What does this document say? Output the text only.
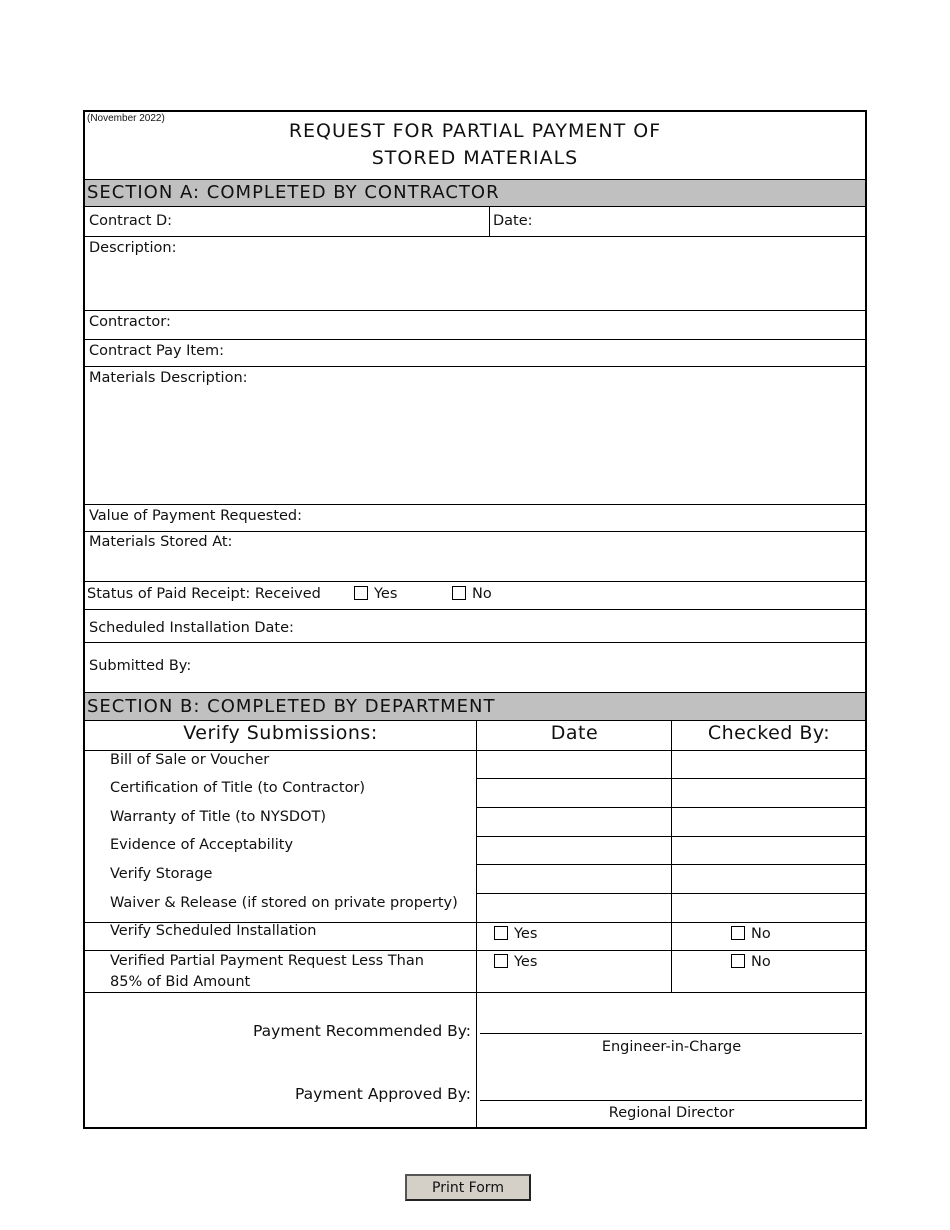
(November 2022)
REQUEST FOR PARTIAL PAYMENT OF
STORED MATERIALS
SECTION A: COMPLETED BY CONTRACTOR
Contract D:	Date:
Description:
Contractor:
Contract Pay Item:
Materials Description:
Value of Payment Requested:
Materials Stored At:
Status of Paid Receipt: Received	Yes	No
Scheduled Installation Date:
Submitted By:
SECTION B: COMPLETED BY DEPARTMENT
Verify Submissions:	Date	Checked By:
Bill of Sale or Voucher
Certification of Title (to Contractor)
Warranty of Title (to NYSDOT)
Evidence of Acceptability
Verify Storage
Waiver & Release (if stored on private property)
Verify Scheduled Installation	Yes	No
Verified Partial Payment Request Less Than
85% of Bid Amount
Yes	No
Payment Recommended By:
Engineer-in-Charge
Payment Approved By:
Regional Director
Print Form
